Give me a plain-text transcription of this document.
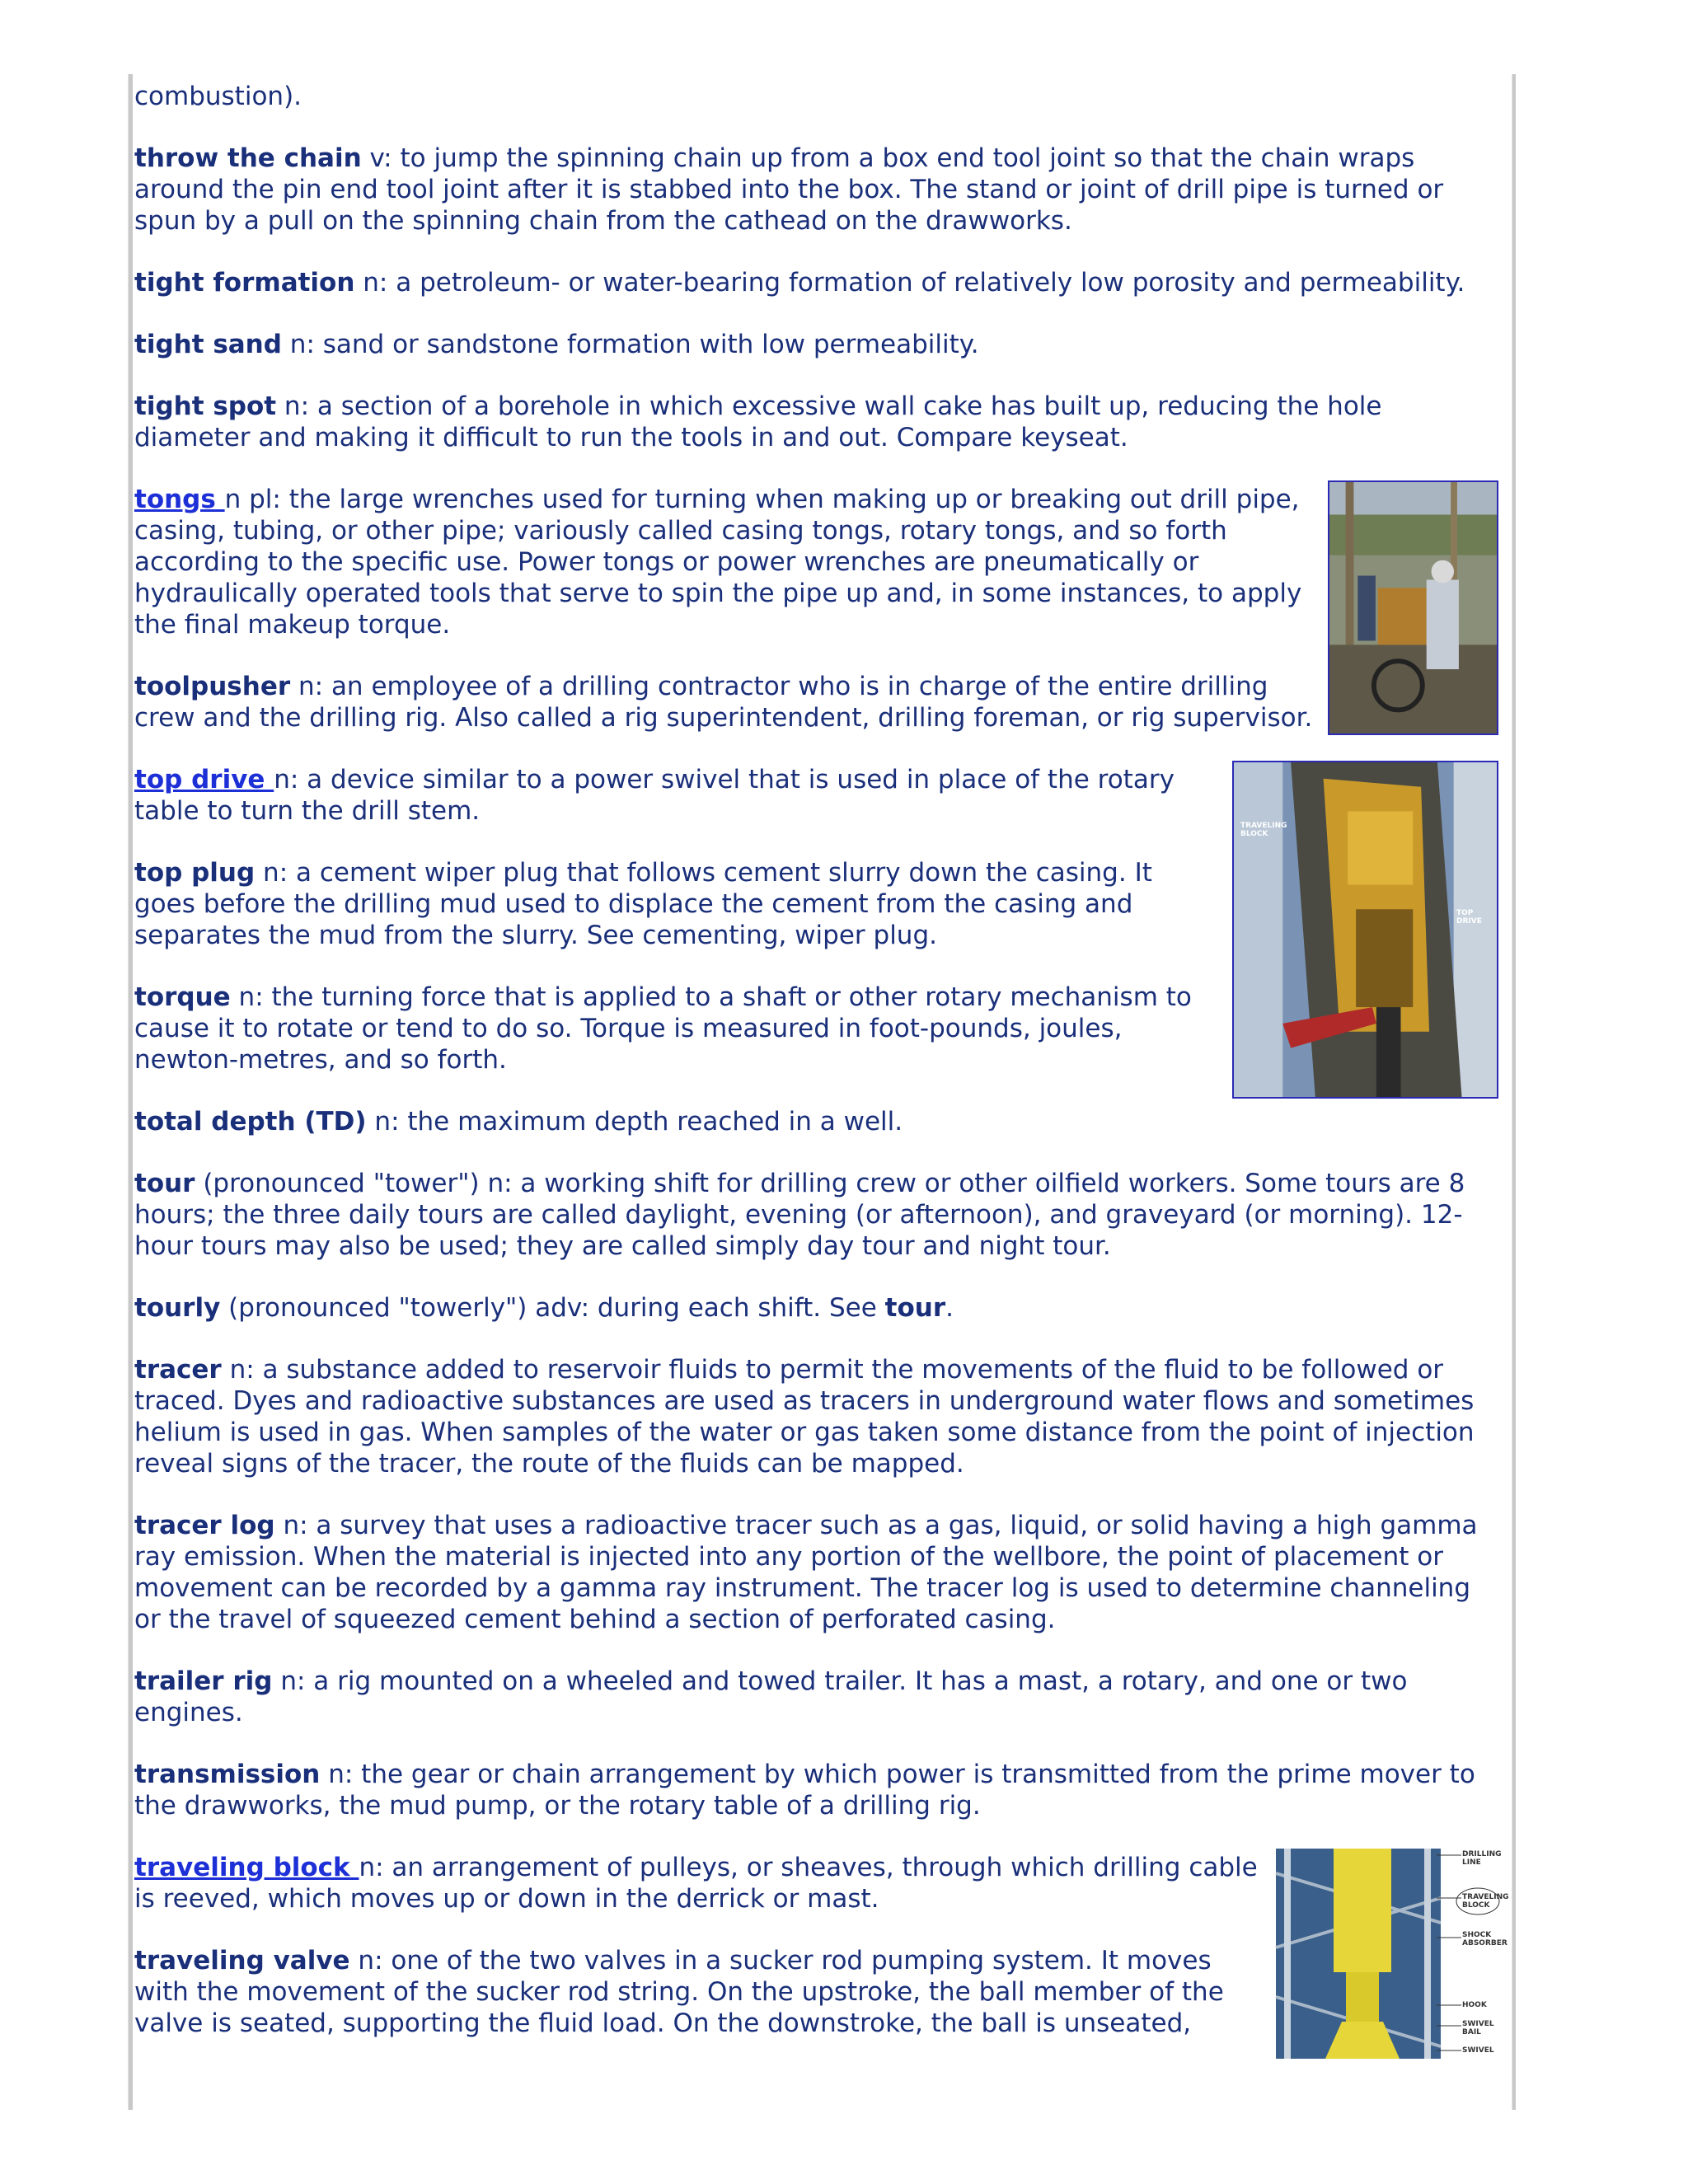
combustion).

throw the chain v: to jump the spinning chain up from a box end tool joint so that the chain wraps around the pin end tool joint after it is stabbed into the box. The stand or joint of drill pipe is turned or spun by a pull on the spinning chain from the cathead on the drawworks.

tight formation n: a petroleum- or water-bearing formation of relatively low porosity and permeability.

tight sand n: sand or sandstone formation with low permeability.

tight spot n: a section of a borehole in which excessive wall cake has built up, reducing the hole diameter and making it difficult to run the tools in and out. Compare keyseat.

tongs n pl: the large wrenches used for turning when making up or breaking out drill pipe, casing, tubing, or other pipe; variously called casing tongs, rotary tongs, and so forth according to the specific use. Power tongs or power wrenches are pneumatically or hydraulically operated tools that serve to spin the pipe up and, in some instances, to apply the final makeup torque.

toolpusher n: an employee of a drilling contractor who is in charge of the entire drilling crew and the drilling rig. Also called a rig superintendent, drilling foreman, or rig supervisor.

TRAVELING BLOCK
TOP DRIVE

top drive n: a device similar to a power swivel that is used in place of the rotary table to turn the drill stem.

top plug n: a cement wiper plug that follows cement slurry down the casing. It goes before the drilling mud used to displace the cement from the casing and separates the mud from the slurry. See cementing, wiper plug.

torque n: the turning force that is applied to a shaft or other rotary mechanism to cause it to rotate or tend to do so. Torque is measured in foot-pounds, joules, newton-metres, and so forth.

total depth (TD) n: the maximum depth reached in a well.

tour (pronounced "tower") n: a working shift for drilling crew or other oilfield workers. Some tours are 8 hours; the three daily tours are called daylight, evening (or afternoon), and graveyard (or morning). 12-hour tours may also be used; they are called simply day tour and night tour.

tourly (pronounced "towerly") adv: during each shift. See tour.

tracer n: a substance added to reservoir fluids to permit the movements of the fluid to be followed or traced. Dyes and radioactive substances are used as tracers in underground water flows and sometimes helium is used in gas. When samples of the water or gas taken some distance from the point of injection reveal signs of the tracer, the route of the fluids can be mapped.

tracer log n: a survey that uses a radioactive tracer such as a gas, liquid, or solid having a high gamma ray emission. When the material is injected into any portion of the wellbore, the point of placement or movement can be recorded by a gamma ray instrument. The tracer log is used to determine channeling or the travel of squeezed cement behind a section of perforated casing.

trailer rig n: a rig mounted on a wheeled and towed trailer. It has a mast, a rotary, and one or two engines.

transmission n: the gear or chain arrangement by which power is transmitted from the prime mover to the drawworks, the mud pump, or the rotary table of a drilling rig.

DRILLING LINE
TRAVELING BLOCK
SHOCK ABSORBER
HOOK
SWIVEL BAIL
SWIVEL

traveling block n: an arrangement of pulleys, or sheaves, through which drilling cable is reeved, which moves up or down in the derrick or mast.

traveling valve n: one of the two valves in a sucker rod pumping system. It moves with the movement of the sucker rod string. On the upstroke, the ball member of the valve is seated, supporting the fluid load. On the downstroke, the ball is unseated,
